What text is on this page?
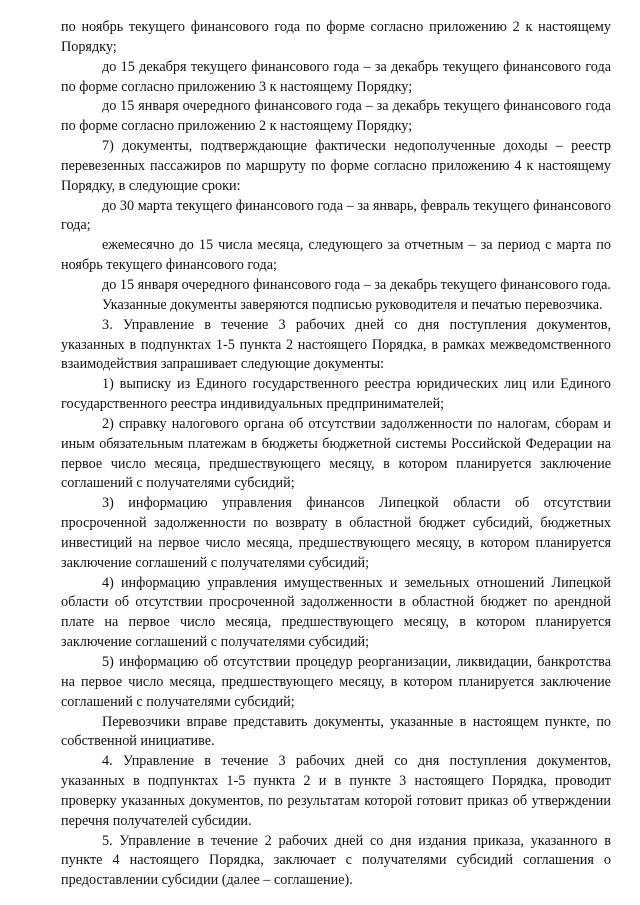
по ноябрь текущего финансового года по форме согласно приложению 2 к настоящему Порядку;

до 15 декабря текущего финансового года – за декабрь текущего финансового года по форме согласно приложению 3 к настоящему Порядку;

до 15 января очередного финансового года – за декабрь текущего финансового года по форме согласно приложению 2 к настоящему Порядку;

7) документы, подтверждающие фактически недополученные доходы – реестр перевезенных пассажиров по маршруту по форме согласно приложению 4 к настоящему Порядку, в следующие сроки:

до 30 марта текущего финансового года – за январь, февраль текущего финансового года;

ежемесячно до 15 числа месяца, следующего за отчетным – за период с марта по ноябрь текущего финансового года;

до 15 января очередного финансового года – за декабрь текущего финансового года.

Указанные документы заверяются подписью руководителя и печатью перевозчика.

3. Управление в течение 3 рабочих дней со дня поступления документов, указанных в подпунктах 1-5 пункта 2 настоящего Порядка, в рамках межведомственного взаимодействия запрашивает следующие документы:

1) выписку из Единого государственного реестра юридических лиц или Единого государственного реестра индивидуальных предпринимателей;

2) справку налогового органа об отсутствии задолженности по налогам, сборам и иным обязательным платежам в бюджеты бюджетной системы Российской Федерации на первое число месяца, предшествующего месяцу, в котором планируется заключение соглашений с получателями субсидий;

3) информацию управления финансов Липецкой области об отсутствии просроченной задолженности по возврату в областной бюджет субсидий, бюджетных инвестиций на первое число месяца, предшествующего месяцу, в котором планируется заключение соглашений с получателями субсидий;

4) информацию управления имущественных и земельных отношений Липецкой области об отсутствии просроченной задолженности в областной бюджет по арендной плате на первое число месяца, предшествующего месяцу, в котором планируется заключение соглашений с получателями субсидий;

5) информацию об отсутствии процедур реорганизации, ликвидации, банкротства на первое число месяца, предшествующего месяцу, в котором планируется заключение соглашений с получателями субсидий;

Перевозчики вправе представить документы, указанные в настоящем пункте, по собственной инициативе.

4. Управление в течение 3 рабочих дней со дня поступления документов, указанных в подпунктах 1-5 пункта 2 и в пункте 3 настоящего Порядка, проводит проверку указанных документов, по результатам которой готовит приказ об утверждении перечня получателей субсидии.

5. Управление в течение 2 рабочих дней со дня издания приказа, указанного в пункте 4 настоящего Порядка, заключает с получателями субсидий соглашения о предоставлении субсидии (далее – соглашение).
